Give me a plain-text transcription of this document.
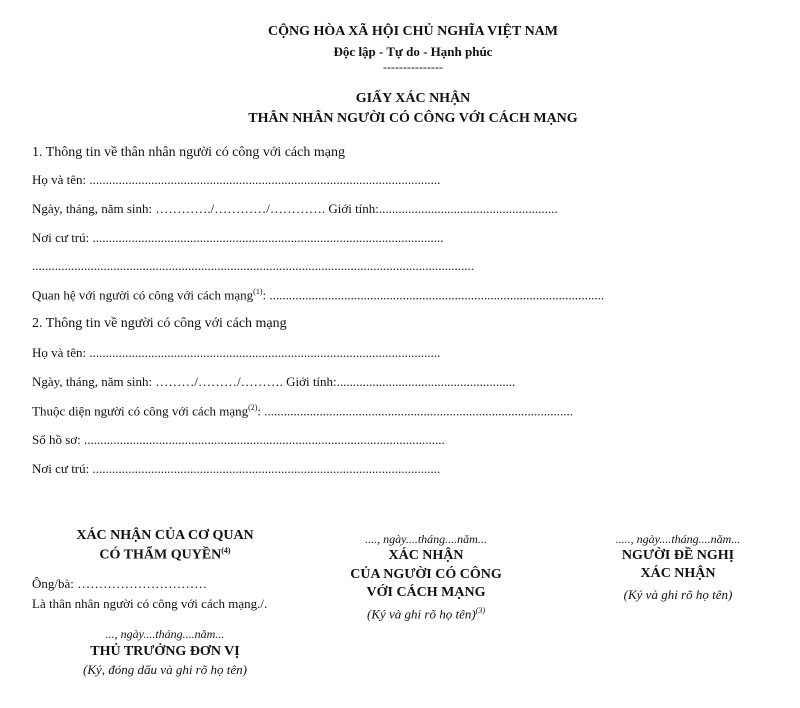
CỘNG HÒA XÃ HỘI CHỦ NGHĨA VIỆT NAM
Độc lập - Tự do - Hạnh phúc
---------------
GIẤY XÁC NHẬN
THÂN NHÂN NGƯỜI CÓ CÔNG VỚI CÁCH MẠNG
1. Thông tin về thân nhân người có công với cách mạng
Họ và tên: ............................................................................................................
Ngày, tháng, năm sinh: …………./…………/…………. Giới tính:.......................................................
Nơi cư trú: ............................................................................................................
........................................................................................................................................
Quan hệ với người có công với cách mạng$^{(1)}$: .......................................................................................................
2. Thông tin về người có công với cách mạng
Họ và tên: ............................................................................................................
Ngày, tháng, năm sinh: ………/………/………. Giới tính:.......................................................
Thuộc diện người có công với cách mạng$^{(2)}$: ...............................................................................................
Số hồ sơ: ...............................................................................................................
Nơi cư trú: ...........................................................................................................
XÁC NHẬN CỦA CƠ QUAN
CÓ THẨM QUYỀN$^{(4)}$
Ông/bà: …………………………
Là thân nhân người có công với cách mạng./.
..., ngày....tháng....năm...
THỦ TRƯỞNG ĐƠN VỊ
(Ký, đóng dấu và ghi rõ họ tên)
...., ngày....tháng....năm...
XÁC NHẬN
CỦA NGƯỜI CÓ CÔNG
VỚI CÁCH MẠNG
(Ký và ghi rõ họ tên)$^{(3)}$
....., ngày....tháng....năm...
NGƯỜI ĐỀ NGHỊ
XÁC NHẬN
(Ký và ghi rõ họ tên)
